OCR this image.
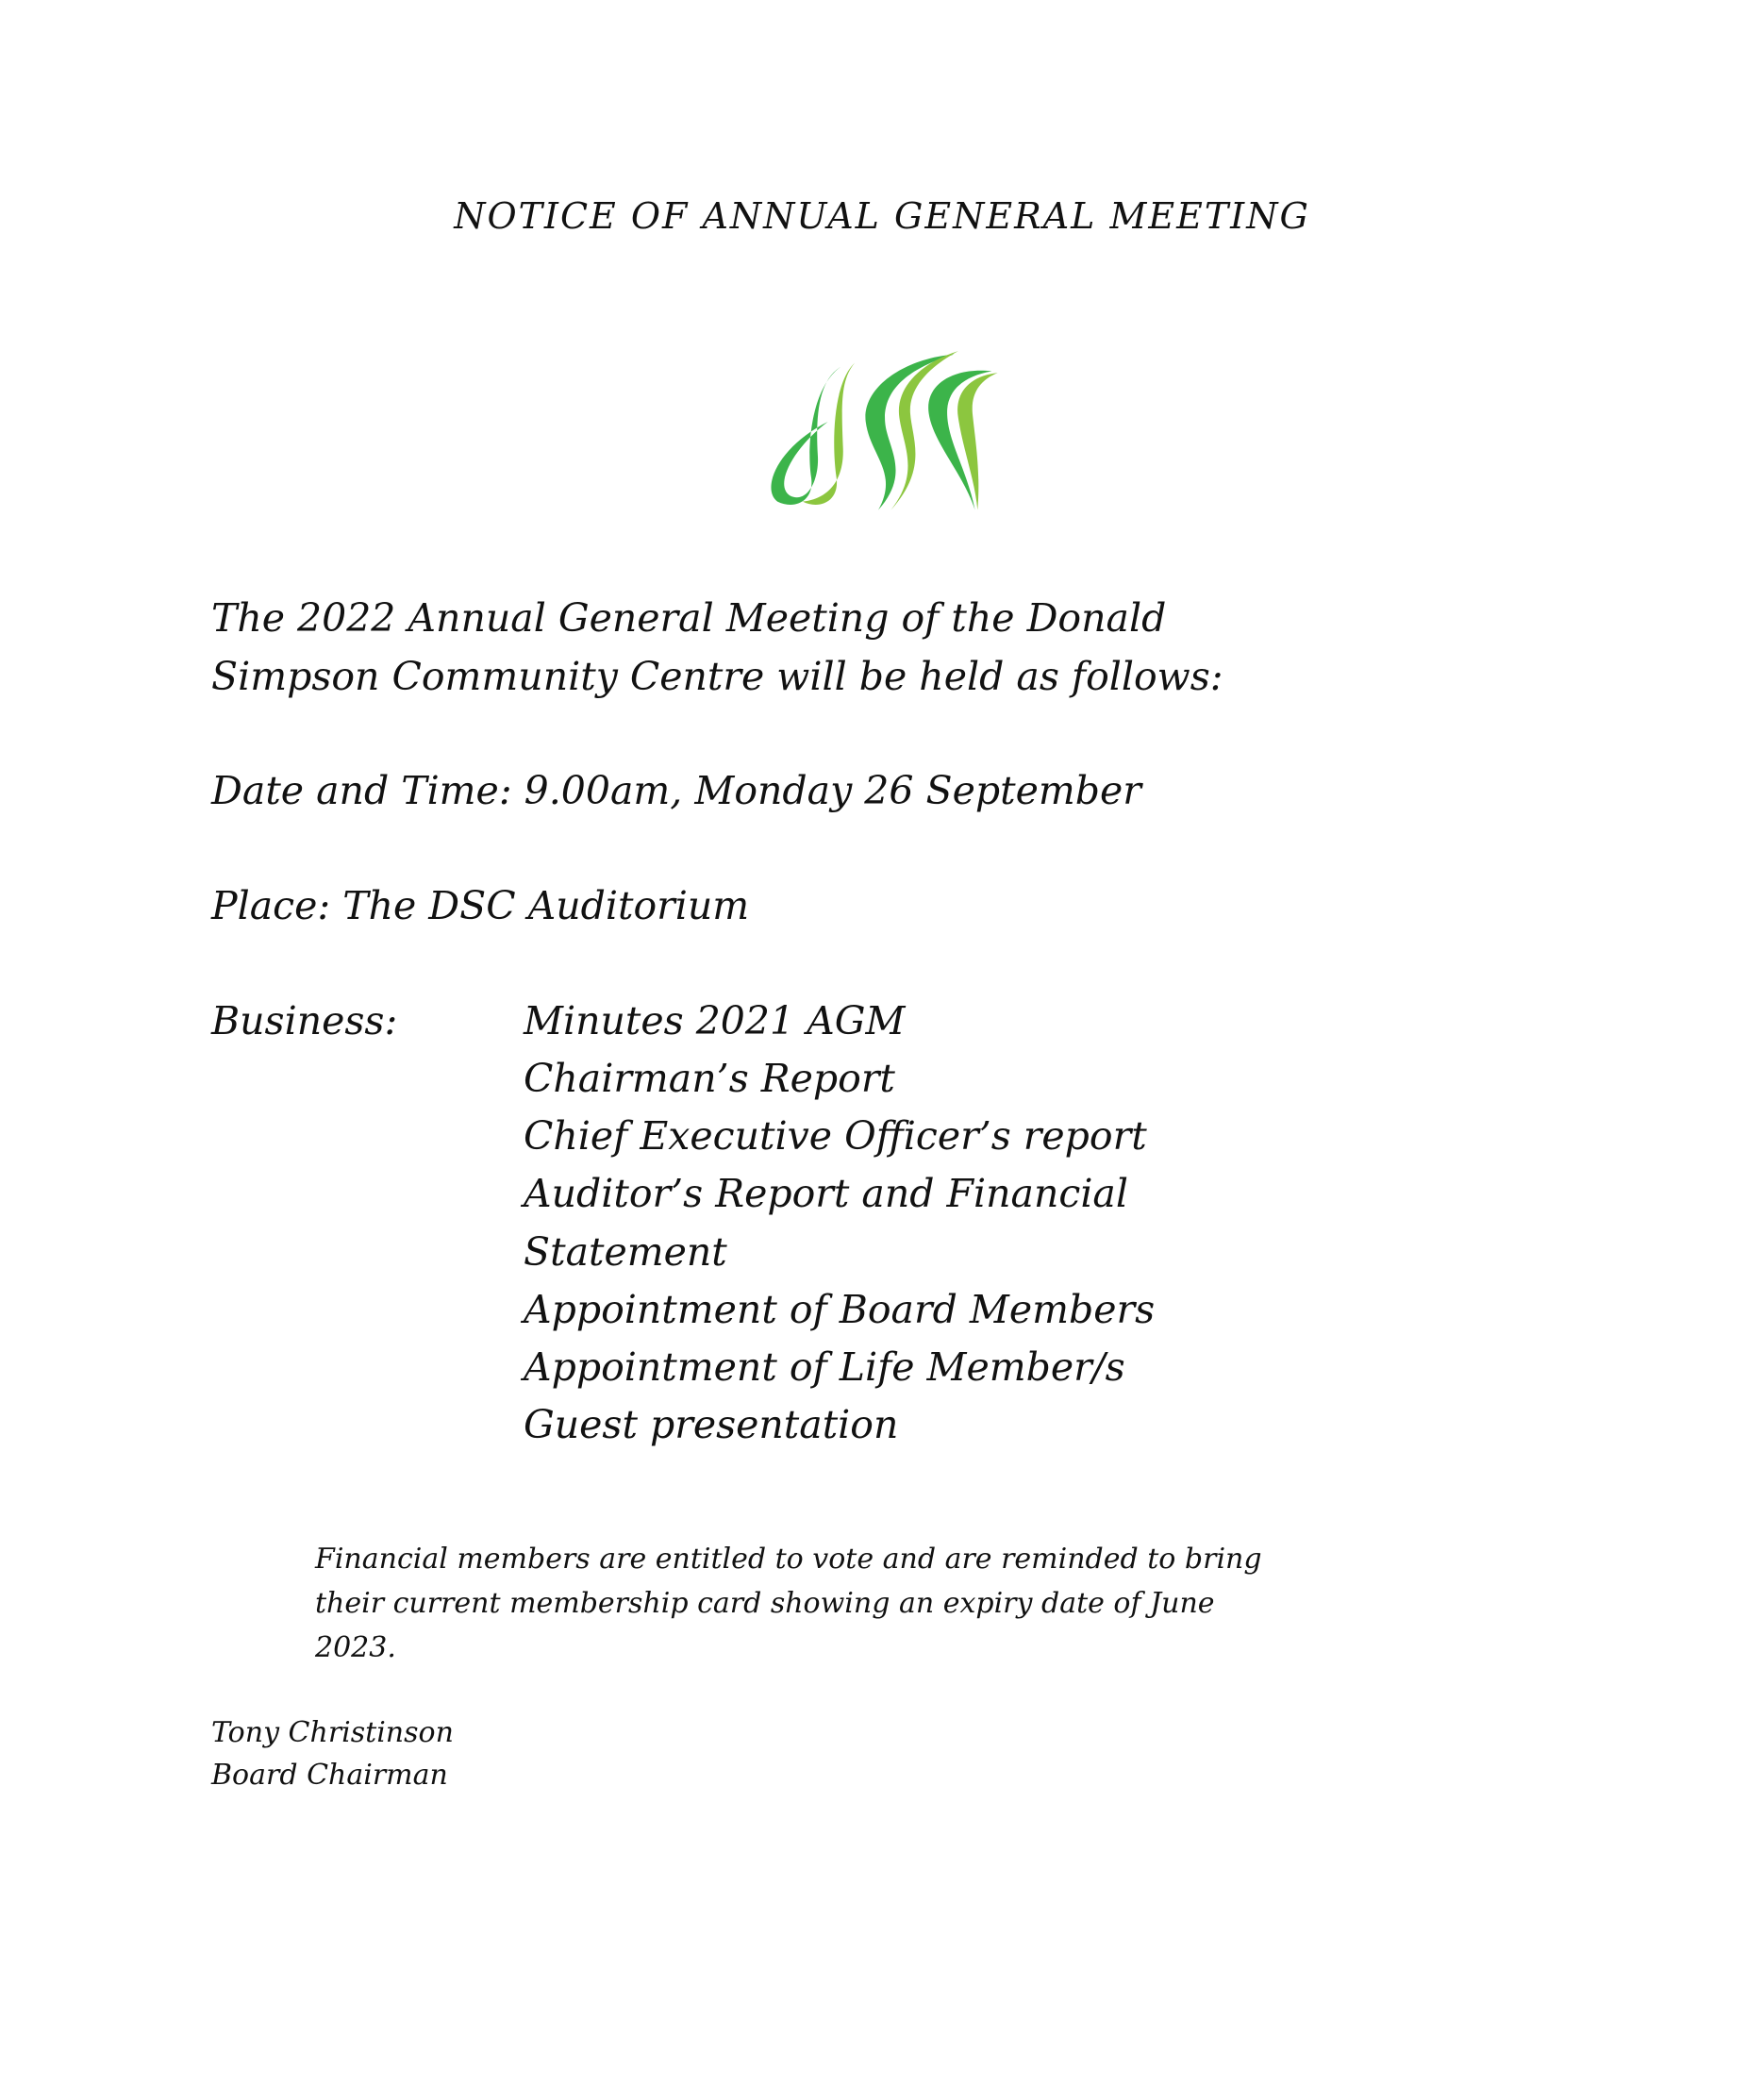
NOTICE OF ANNUAL GENERAL MEETING
The 2022 Annual General Meeting of the Donald
Simpson Community Centre will be held as follows:
Date and Time: 9.00am, Monday 26 September
Place: The DSC Auditorium
Business:	Minutes 2021 AGM
Chairman’s Report
Chief Executive Officer’s report
Auditor’s Report and Financial
Statement
Appointment of Board Members
Appointment of Life Member/s
Guest presentation
Financial members are entitled to vote and are reminded to bring
their current membership card showing an expiry date of June
2023.
Tony Christinson
Board Chairman
